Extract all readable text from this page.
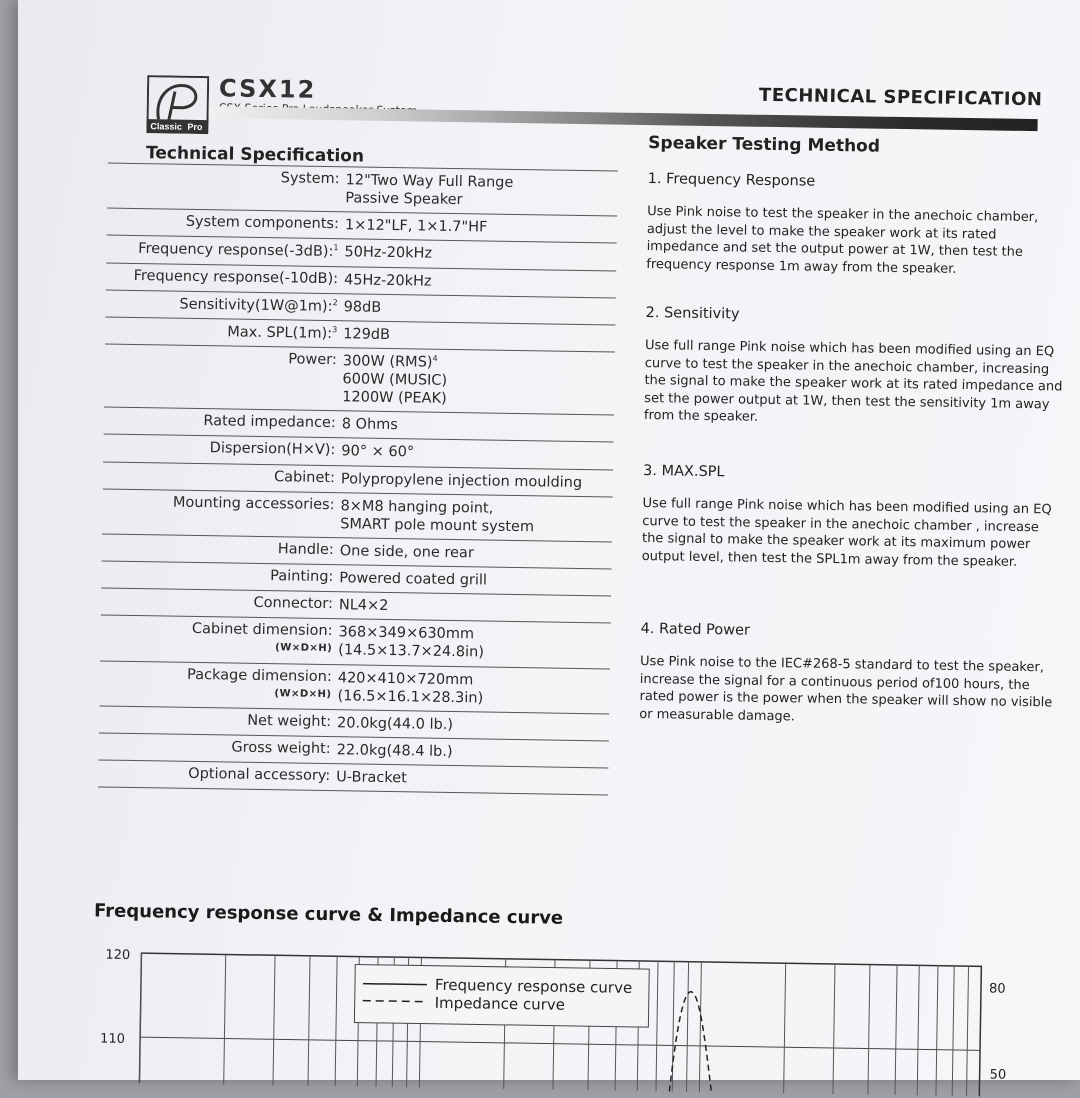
Classic Pro
CSX12	TECHNICAL SPECIFICATION
Technical Specification
System: 12"Two Way Full Range
Passive Speaker
System components: 1×12"LF, 1×1.7"HF
Frequency response(-3dB):$^1$ 50Hz-20kHz
Frequency response(-10dB): 45Hz-20kHz
Sensitivity(1W@1m):$^2$ 98dB
Max. SPL(1m):$^3$ 129dB
Power: 300W (RMS)$^4$
600W (MUSIC)
1200W (PEAK)
Rated impedance: 8 Ohms
Dispersion(H×V): 90° × 60°
Cabinet: Polypropylene injection moulding
Mounting accessories: 8×M8 hanging point,
SMART pole mount system
Handle: One side, one rear
Painting: Powered coated grill
Connector: NL4×2
Cabinet dimension:
(W×D×H)
368×349×630mm
(14.5×13.7×24.8in)
Package dimension:
(W×D×H)
420×410×720mm
(16.5×16.1×28.3in)
Net weight: 20.0kg(44.0 lb.)
Gross weight: 22.0kg(48.4 lb.)
Optional accessory: U-Bracket
Speaker Testing Method
1. Frequency Response
Use Pink noise to test the speaker in the anechoic chamber, adjust the level to make the speaker work at its rated impedance and set the output power at 1W, then test the frequency response 1m away from the speaker.
2. Sensitivity
Use full range Pink noise which has been modified using an EQ curve to test the speaker in the anechoic chamber, increasing the signal to make the speaker work at its rated impedance and set the power output at 1W, then test the sensitivity 1m away from the speaker.
3. MAX.SPL
Use full range Pink noise which has been modified using an EQ curve to test the speaker in the anechoic chamber , increase the signal to make the speaker work at its maximum power output level, then test the SPL1m away from the speaker.
4. Rated Power
Use Pink noise to the IEC#268-5 standard to test the speaker, increase the signal for a continuous period of100 hours, the rated power is the power when the speaker will show no visible or measurable damage.
Frequency response curve & Impedance curve
120
110
80
50
Frequency response curve
Impedance curve
